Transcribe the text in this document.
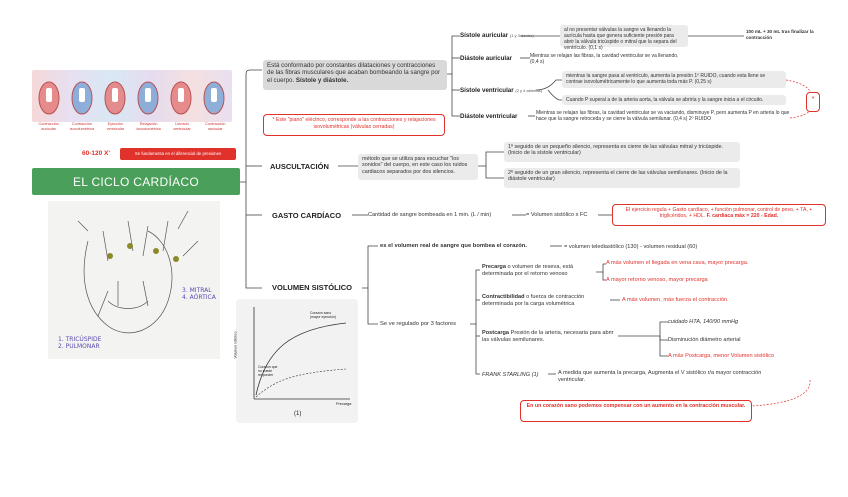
EL CICLO CARDÍACO
Contracción
auricular
Contracción
isovolumétrica
Eyección
ventricular
Relajación
isovolumétrica
Llenado
ventricular
Contracción
auricular
60-120 X'	Se fundamenta en el diferencial de presiones
* Este "piano" eléctrico, corresponde a las contracciones y relajaciones isovolumétricas (válvulas cerradas)
3. MITRAL
4. AÓRTICA
1. TRICÚSPIDE
2. PULMONAR	Volumen sistólico
Corazón sano
(mayor eyección)
Corazón que
no puede
responder
Precarga
(1)
Está conformado por constantes dilataciones y contracciones de las fibras musculares que acaban bombeando la sangre por el cuerpo. Sístole y diástole.
Sístole auricular (1 y 3 dentro)
al no presentar válvulas la sangre va llenando la aurícula hasta que genera suficiente presión para abrir la válvula tricúspide o mitral que la separa del ventrículo. (0,1 s)
100 mL + 30 mL tras finalizar la contracción
Diástole auricular	Mientras se relajan las fibras, la cavidad ventricular se va llenando. (0,4 s)
Sístole ventricular (2 y 4 abiertas)
mientras la sangre pasa al ventrículo, aumenta la presión 1º RUIDO, cuando esta llene se contrae isovolumétricamente lo que aumenta toda más P. (0,25 s)
Cuando P superal a de la arteria aorta, la válvula se abriría y la sangre inicia a el circuito.	*
Diástole ventricular	Mientras se relajan las fibras, la cavidad ventricular se va vaciando, disminuye P, pero aumenta P en arteria lo que hace que la sangre retroceda y se cierre la válvula semilunar. (0,4 s) 2º RUIDO
AUSCULTACIÓN
método que se utiliza para escuchar "los sonidos" del cuerpo, en este caso los ruidos cardiacos separados por dos silencios.
1º seguido de un pequeño silencio, representa es cierre de las válvulas mitral y tricúspide. (Inicio de la sístole ventricular)
2º seguido de un gran silencio, representa el cierre de las válvulas semilunares. (Inicio de la diástole ventricular)
GASTO CARDÍACO	Cantidad de sangre bombeada en 1 min. (L / min)	= Volumen sistólico x FC
El ejercicio regula + Gasto cardíaco, + función pulmonar, control de peso, + TA, + triglicéridos, + HDL. F. cardiaca máx = 220 - Edad.
VOLUMEN SISTÓLICO
es el volumen real de sangre que bombea el corazón.	= volumen telediastólico (130) - volumen residual (60)
Se ve regulado por 3 factores
Precarga o volumen de reseva, está determinada por el retorno venoso
A más volumen el llegada en vena cava, mayor precarga.
A mayor retorno venoso, mayor precarga
Contractibilidad o fuerza de contracción determinada por la carga volumétrica
A más volumen, más fuerza el contracción.
Postcarga Presión de la arteria, necesaria para abrir las válvulas semilunares.
cuidado HTA, 140/90 mmHg
Disminución diámetro arterial
A más Postcarga, menor Volumen sistólico
FRANK STARLING (1)	A medida que aumenta la precarga, Augmenta el V sistólico r/a mayor contracción ventricular.
En un corazón sano podemos compensar con un aumento en la contracción muscular.
